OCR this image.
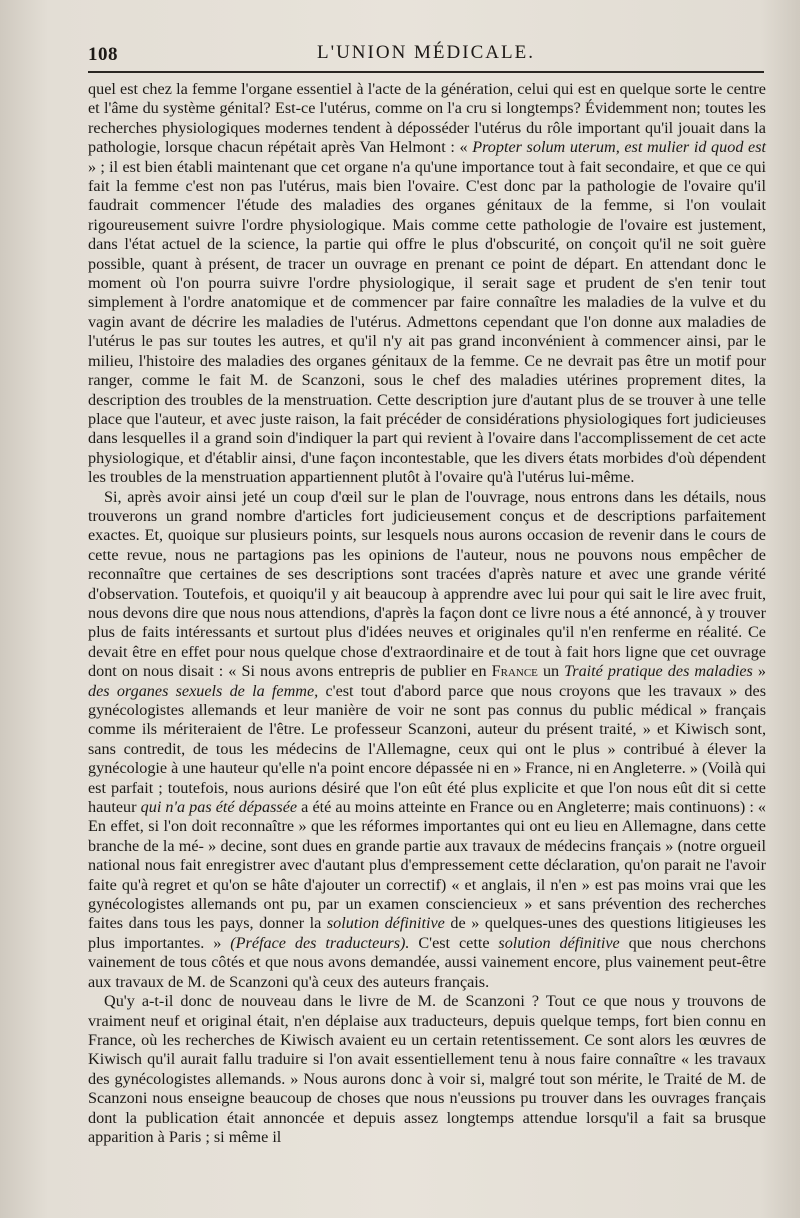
108	L'UNION MÉDICALE.

quel est chez la femme l'organe essentiel à l'acte de la génération, celui qui est en quelque sorte le centre et l'âme du système génital? Est-ce l'utérus, comme on l'a cru si longtemps? Évidemment non; toutes les recherches physiologiques modernes tendent à déposséder l'utérus du rôle important qu'il jouait dans la pathologie, lorsque chacun répétait après Van Helmont : « Propter solum uterum, est mulier id quod est » ; il est bien établi maintenant que cet organe n'a qu'une importance tout à fait secondaire, et que ce qui fait la femme c'est non pas l'utérus, mais bien l'ovaire. C'est donc par la pathologie de l'ovaire qu'il faudrait commencer l'étude des maladies des organes génitaux de la femme, si l'on voulait rigoureusement suivre l'ordre physiologique. Mais comme cette pathologie de l'ovaire est justement, dans l'état actuel de la science, la partie qui offre le plus d'obscurité, on conçoit qu'il ne soit guère possible, quant à présent, de tracer un ouvrage en prenant ce point de départ. En attendant donc le moment où l'on pourra suivre l'ordre physiologique, il serait sage et prudent de s'en tenir tout simplement à l'ordre anatomique et de commencer par faire connaître les maladies de la vulve et du vagin avant de décrire les maladies de l'utérus. Admettons cependant que l'on donne aux maladies de l'utérus le pas sur toutes les autres, et qu'il n'y ait pas grand inconvénient à commencer ainsi, par le milieu, l'histoire des maladies des organes génitaux de la femme. Ce ne devrait pas être un motif pour ranger, comme le fait M. de Scanzoni, sous le chef des maladies utérines proprement dites, la description des troubles de la menstruation. Cette description jure d'autant plus de se trouver à une telle place que l'auteur, et avec juste raison, la fait précéder de considérations physiologiques fort judicieuses dans lesquelles il a grand soin d'indiquer la part qui revient à l'ovaire dans l'accomplissement de cet acte physiologique, et d'établir ainsi, d'une façon incontestable, que les divers états morbides d'où dépendent les troubles de la menstruation appartiennent plutôt à l'ovaire qu'à l'utérus lui-même.

Si, après avoir ainsi jeté un coup d'œil sur le plan de l'ouvrage, nous entrons dans les détails, nous trouverons un grand nombre d'articles fort judicieusement conçus et de descriptions parfaitement exactes. Et, quoique sur plusieurs points, sur lesquels nous aurons occasion de revenir dans le cours de cette revue, nous ne partagions pas les opinions de l'auteur, nous ne pouvons nous empêcher de reconnaître que certaines de ses descriptions sont tracées d'après nature et avec une grande vérité d'observation. Toutefois, et quoiqu'il y ait beaucoup à apprendre avec lui pour qui sait le lire avec fruit, nous devons dire que nous nous attendions, d'après la façon dont ce livre nous a été annoncé, à y trouver plus de faits intéressants et surtout plus d'idées neuves et originales qu'il n'en renferme en réalité. Ce devait être en effet pour nous quelque chose d'extraordinaire et de tout à fait hors ligne que cet ouvrage dont on nous disait : « Si nous avons entrepris de publier en France un Traité pratique des maladies » des organes sexuels de la femme, c'est tout d'abord parce que nous croyons que les travaux » des gynécologistes allemands et leur manière de voir ne sont pas connus du public médical » français comme ils mériteraient de l'être. Le professeur Scanzoni, auteur du présent traité, » et Kiwisch sont, sans contredit, de tous les médecins de l'Allemagne, ceux qui ont le plus » contribué à élever la gynécologie à une hauteur qu'elle n'a point encore dépassée ni en » France, ni en Angleterre. » (Voilà qui est parfait ; toutefois, nous aurions désiré que l'on eût été plus explicite et que l'on nous eût dit si cette hauteur qui n'a pas été dépassée a été au moins atteinte en France ou en Angleterre; mais continuons) : « En effet, si l'on doit reconnaître » que les réformes importantes qui ont eu lieu en Allemagne, dans cette branche de la mé- » decine, sont dues en grande partie aux travaux de médecins français » (notre orgueil national nous fait enregistrer avec d'autant plus d'empressement cette déclaration, qu'on parait ne l'avoir faite qu'à regret et qu'on se hâte d'ajouter un correctif) « et anglais, il n'en » est pas moins vrai que les gynécologistes allemands ont pu, par un examen consciencieux » et sans prévention des recherches faites dans tous les pays, donner la solution définitive de » quelques-unes des questions litigieuses les plus importantes. » (Préface des traducteurs). C'est cette solution définitive que nous cherchons vainement de tous côtés et que nous avons demandée, aussi vainement encore, plus vainement peut-être aux travaux de M. de Scanzoni qu'à ceux des auteurs français.

Qu'y a-t-il donc de nouveau dans le livre de M. de Scanzoni ? Tout ce que nous y trouvons de vraiment neuf et original était, n'en déplaise aux traducteurs, depuis quelque temps, fort bien connu en France, où les recherches de Kiwisch avaient eu un certain retentissement. Ce sont alors les œuvres de Kiwisch qu'il aurait fallu traduire si l'on avait essentiellement tenu à nous faire connaître « les travaux des gynécologistes allemands. » Nous aurons donc à voir si, malgré tout son mérite, le Traité de M. de Scanzoni nous enseigne beaucoup de choses que nous n'eussions pu trouver dans les ouvrages français dont la publication était annoncée et depuis assez longtemps attendue lorsqu'il a fait sa brusque apparition à Paris ; si même il
